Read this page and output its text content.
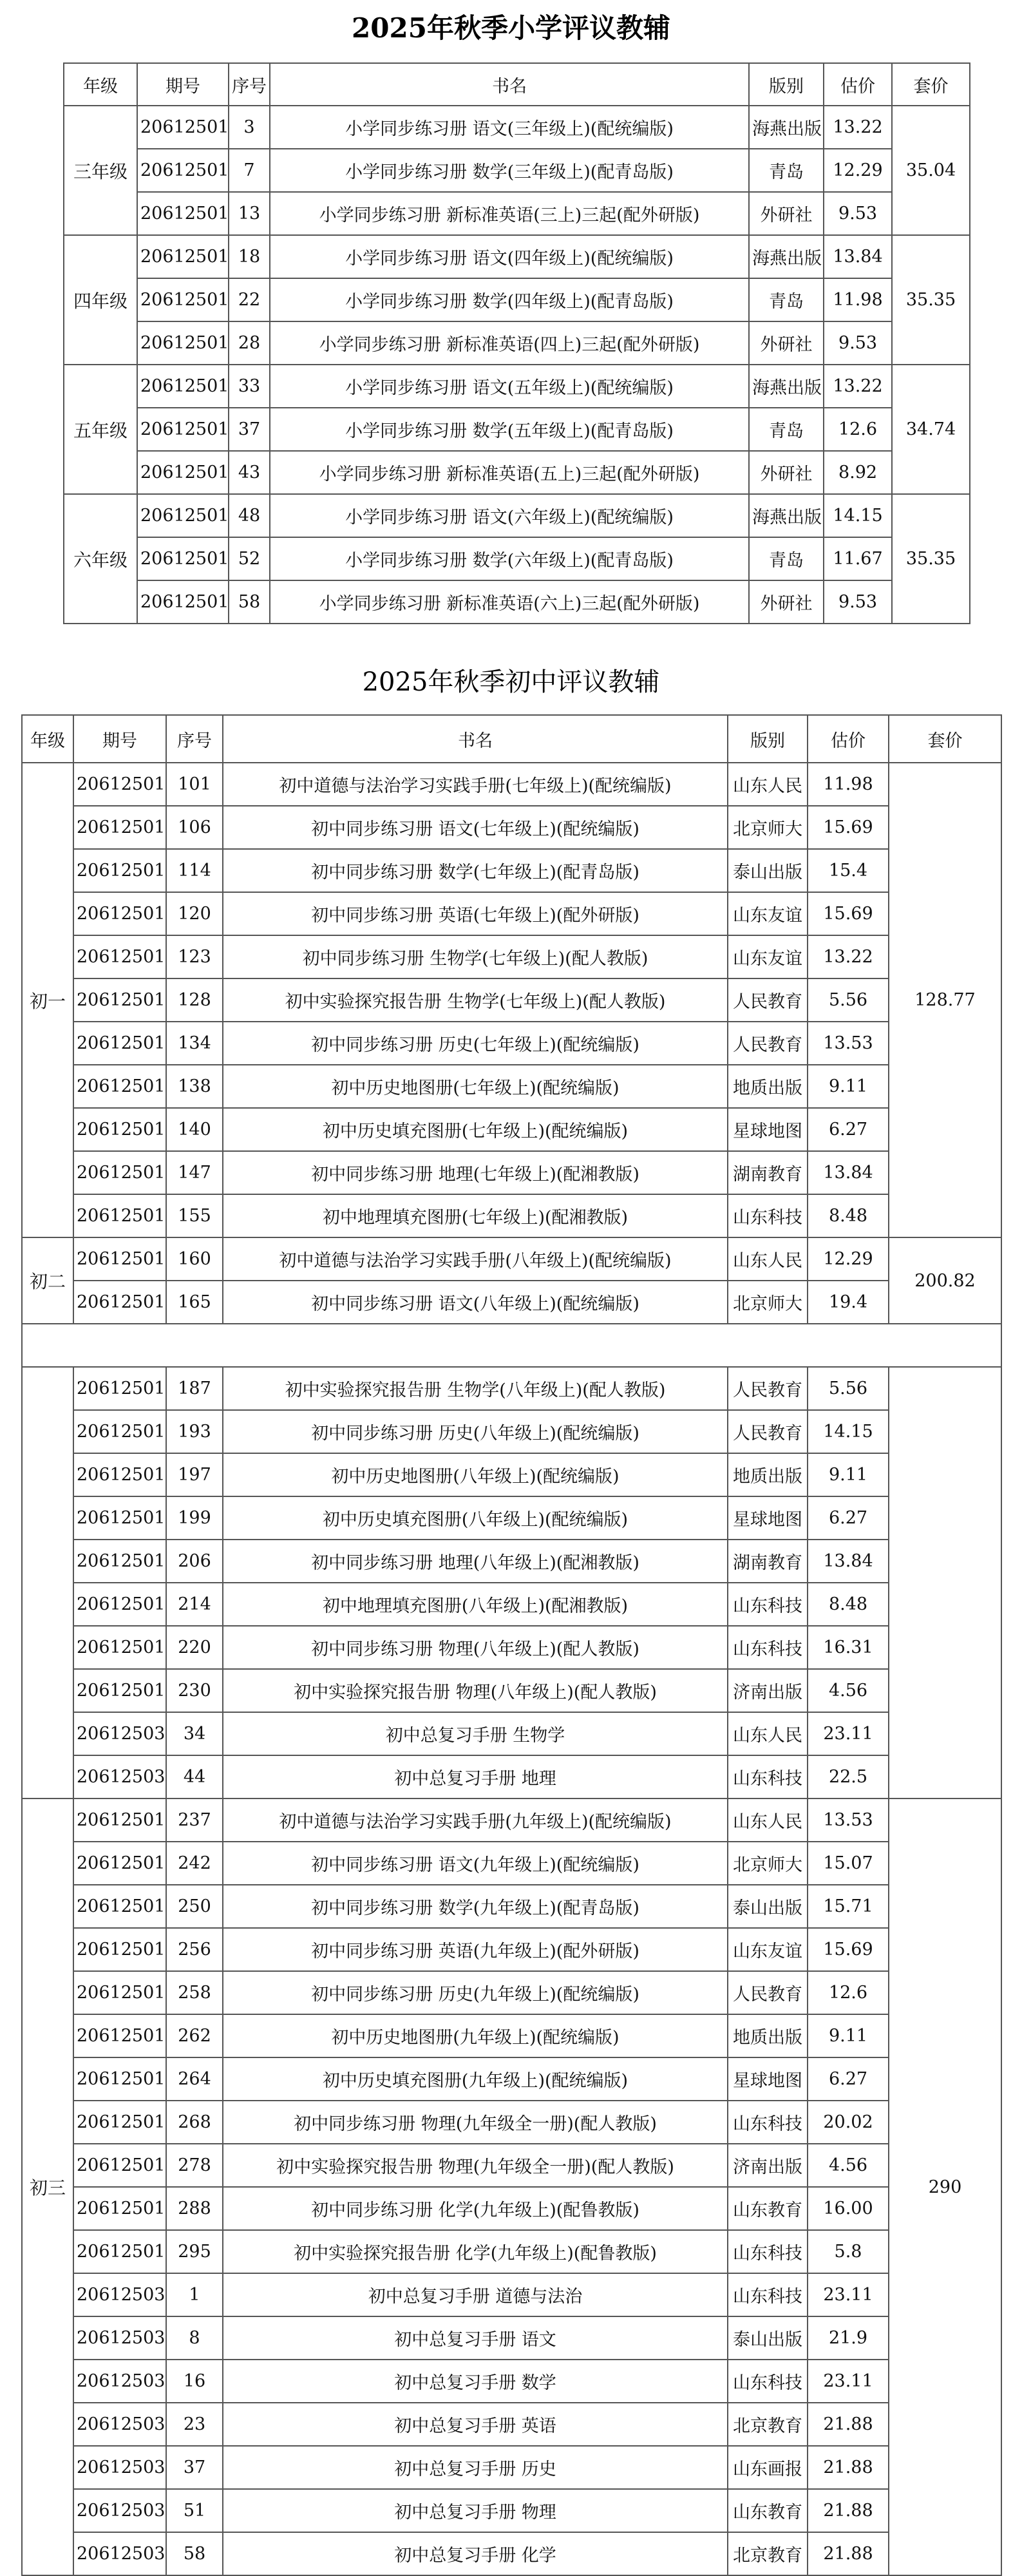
2025年秋季小学评议教辅
年级	期号	序号	书名	版别	估价	套价
三年级	20612501	3	小学同步练习册 语文(三年级上)(配统编版)	海燕出版	13.22	35.04
	20612501	7	小学同步练习册 数学(三年级上)(配青岛版)	青岛	12.29	
	20612501	13	小学同步练习册 新标准英语(三上)三起(配外研版)	外研社	9.53	
四年级	20612501	18	小学同步练习册 语文(四年级上)(配统编版)	海燕出版	13.84	35.35
	20612501	22	小学同步练习册 数学(四年级上)(配青岛版)	青岛	11.98	
	20612501	28	小学同步练习册 新标准英语(四上)三起(配外研版)	外研社	9.53	
五年级	20612501	33	小学同步练习册 语文(五年级上)(配统编版)	海燕出版	13.22	34.74
	20612501	37	小学同步练习册 数学(五年级上)(配青岛版)	青岛	12.6	
	20612501	43	小学同步练习册 新标准英语(五上)三起(配外研版)	外研社	8.92	
六年级	20612501	48	小学同步练习册 语文(六年级上)(配统编版)	海燕出版	14.15	35.35
	20612501	52	小学同步练习册 数学(六年级上)(配青岛版)	青岛	11.67	
	20612501	58	小学同步练习册 新标准英语(六上)三起(配外研版)	外研社	9.53	
2025年秋季初中评议教辅
年级	期号	序号	书名	版别	估价	套价
初一	20612501	101	初中道德与法治学习实践手册(七年级上)(配统编版)	山东人民	11.98	128.77
	20612501	106	初中同步练习册 语文(七年级上)(配统编版)	北京师大	15.69	
	20612501	114	初中同步练习册 数学(七年级上)(配青岛版)	泰山出版	15.4	
	20612501	120	初中同步练习册 英语(七年级上)(配外研版)	山东友谊	15.69	
	20612501	123	初中同步练习册 生物学(七年级上)(配人教版)	山东友谊	13.22	
	20612501	128	初中实验探究报告册 生物学(七年级上)(配人教版)	人民教育	5.56	
	20612501	134	初中同步练习册 历史(七年级上)(配统编版)	人民教育	13.53	
	20612501	138	初中历史地图册(七年级上)(配统编版)	地质出版	9.11	
	20612501	140	初中历史填充图册(七年级上)(配统编版)	星球地图	6.27	
	20612501	147	初中同步练习册 地理(七年级上)(配湘教版)	湖南教育	13.84	
	20612501	155	初中地理填充图册(七年级上)(配湘教版)	山东科技	8.48	
初二	20612501	160	初中道德与法治学习实践手册(八年级上)(配统编版)	山东人民	12.29	200.82
	20612501	165	初中同步练习册 语文(八年级上)(配统编版)	北京师大	19.4	

	20612501	187	初中实验探究报告册 生物学(八年级上)(配人教版)	人民教育	5.56	
	20612501	193	初中同步练习册 历史(八年级上)(配统编版)	人民教育	14.15	
	20612501	197	初中历史地图册(八年级上)(配统编版)	地质出版	9.11	
	20612501	199	初中历史填充图册(八年级上)(配统编版)	星球地图	6.27	
	20612501	206	初中同步练习册 地理(八年级上)(配湘教版)	湖南教育	13.84	
	20612501	214	初中地理填充图册(八年级上)(配湘教版)	山东科技	8.48	
	20612501	220	初中同步练习册 物理(八年级上)(配人教版)	山东科技	16.31	
	20612501	230	初中实验探究报告册 物理(八年级上)(配人教版)	济南出版	4.56	
	20612503	34	初中总复习手册 生物学	山东人民	23.11	
	20612503	44	初中总复习手册 地理	山东科技	22.5	
初三	20612501	237	初中道德与法治学习实践手册(九年级上)(配统编版)	山东人民	13.53	290
	20612501	242	初中同步练习册 语文(九年级上)(配统编版)	北京师大	15.07	
	20612501	250	初中同步练习册 数学(九年级上)(配青岛版)	泰山出版	15.71	
	20612501	256	初中同步练习册 英语(九年级上)(配外研版)	山东友谊	15.69	
	20612501	258	初中同步练习册 历史(九年级上)(配统编版)	人民教育	12.6	
	20612501	262	初中历史地图册(九年级上)(配统编版)	地质出版	9.11	
	20612501	264	初中历史填充图册(九年级上)(配统编版)	星球地图	6.27	
	20612501	268	初中同步练习册 物理(九年级全一册)(配人教版)	山东科技	20.02	
	20612501	278	初中实验探究报告册 物理(九年级全一册)(配人教版)	济南出版	4.56	
	20612501	288	初中同步练习册 化学(九年级上)(配鲁教版)	山东教育	16.00	
	20612501	295	初中实验探究报告册 化学(九年级上)(配鲁教版)	山东科技	5.8	
	20612503	1	初中总复习手册 道德与法治	山东科技	23.11	
	20612503	8	初中总复习手册 语文	泰山出版	21.9	
	20612503	16	初中总复习手册 数学	山东科技	23.11	
	20612503	23	初中总复习手册 英语	北京教育	21.88	
	20612503	37	初中总复习手册 历史	山东画报	21.88	
	20612503	51	初中总复习手册 物理	山东教育	21.88	
	20612503	58	初中总复习手册 化学	北京教育	21.88	
